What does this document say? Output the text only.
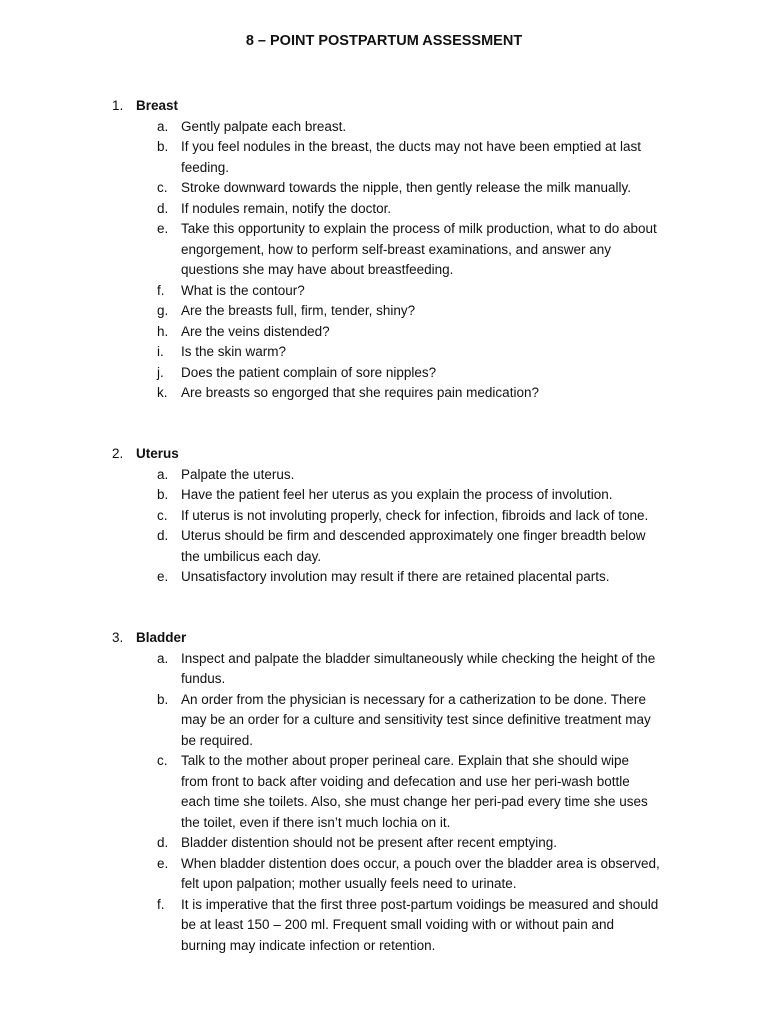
8 – POINT POSTPARTUM ASSESSMENT
1. Breast
a. Gently palpate each breast.
b. If you feel nodules in the breast, the ducts may not have been emptied at last
feeding.
c. Stroke downward towards the nipple, then gently release the milk manually.
d. If nodules remain, notify the doctor.
e. Take this opportunity to explain the process of milk production, what to do about
engorgement, how to perform self-breast examinations, and answer any
questions she may have about breastfeeding.
f. What is the contour?
g. Are the breasts full, firm, tender, shiny?
h. Are the veins distended?
i. Is the skin warm?
j. Does the patient complain of sore nipples?
k. Are breasts so engorged that she requires pain medication?
2. Uterus
a. Palpate the uterus.
b. Have the patient feel her uterus as you explain the process of involution.
c. If uterus is not involuting properly, check for infection, fibroids and lack of tone.
d. Uterus should be firm and descended approximately one finger breadth below
the umbilicus each day.
e. Unsatisfactory involution may result if there are retained placental parts.
3. Bladder
a. Inspect and palpate the bladder simultaneously while checking the height of the
fundus.
b. An order from the physician is necessary for a catherization to be done. There
may be an order for a culture and sensitivity test since definitive treatment may
be required.
c. Talk to the mother about proper perineal care. Explain that she should wipe
from front to back after voiding and defecation and use her peri-wash bottle
each time she toilets. Also, she must change her peri-pad every time she uses
the toilet, even if there isn’t much lochia on it.
d. Bladder distention should not be present after recent emptying.
e. When bladder distention does occur, a pouch over the bladder area is observed,
felt upon palpation; mother usually feels need to urinate.
f. It is imperative that the first three post-partum voidings be measured and should
be at least 150 – 200 ml. Frequent small voiding with or without pain and
burning may indicate infection or retention.
